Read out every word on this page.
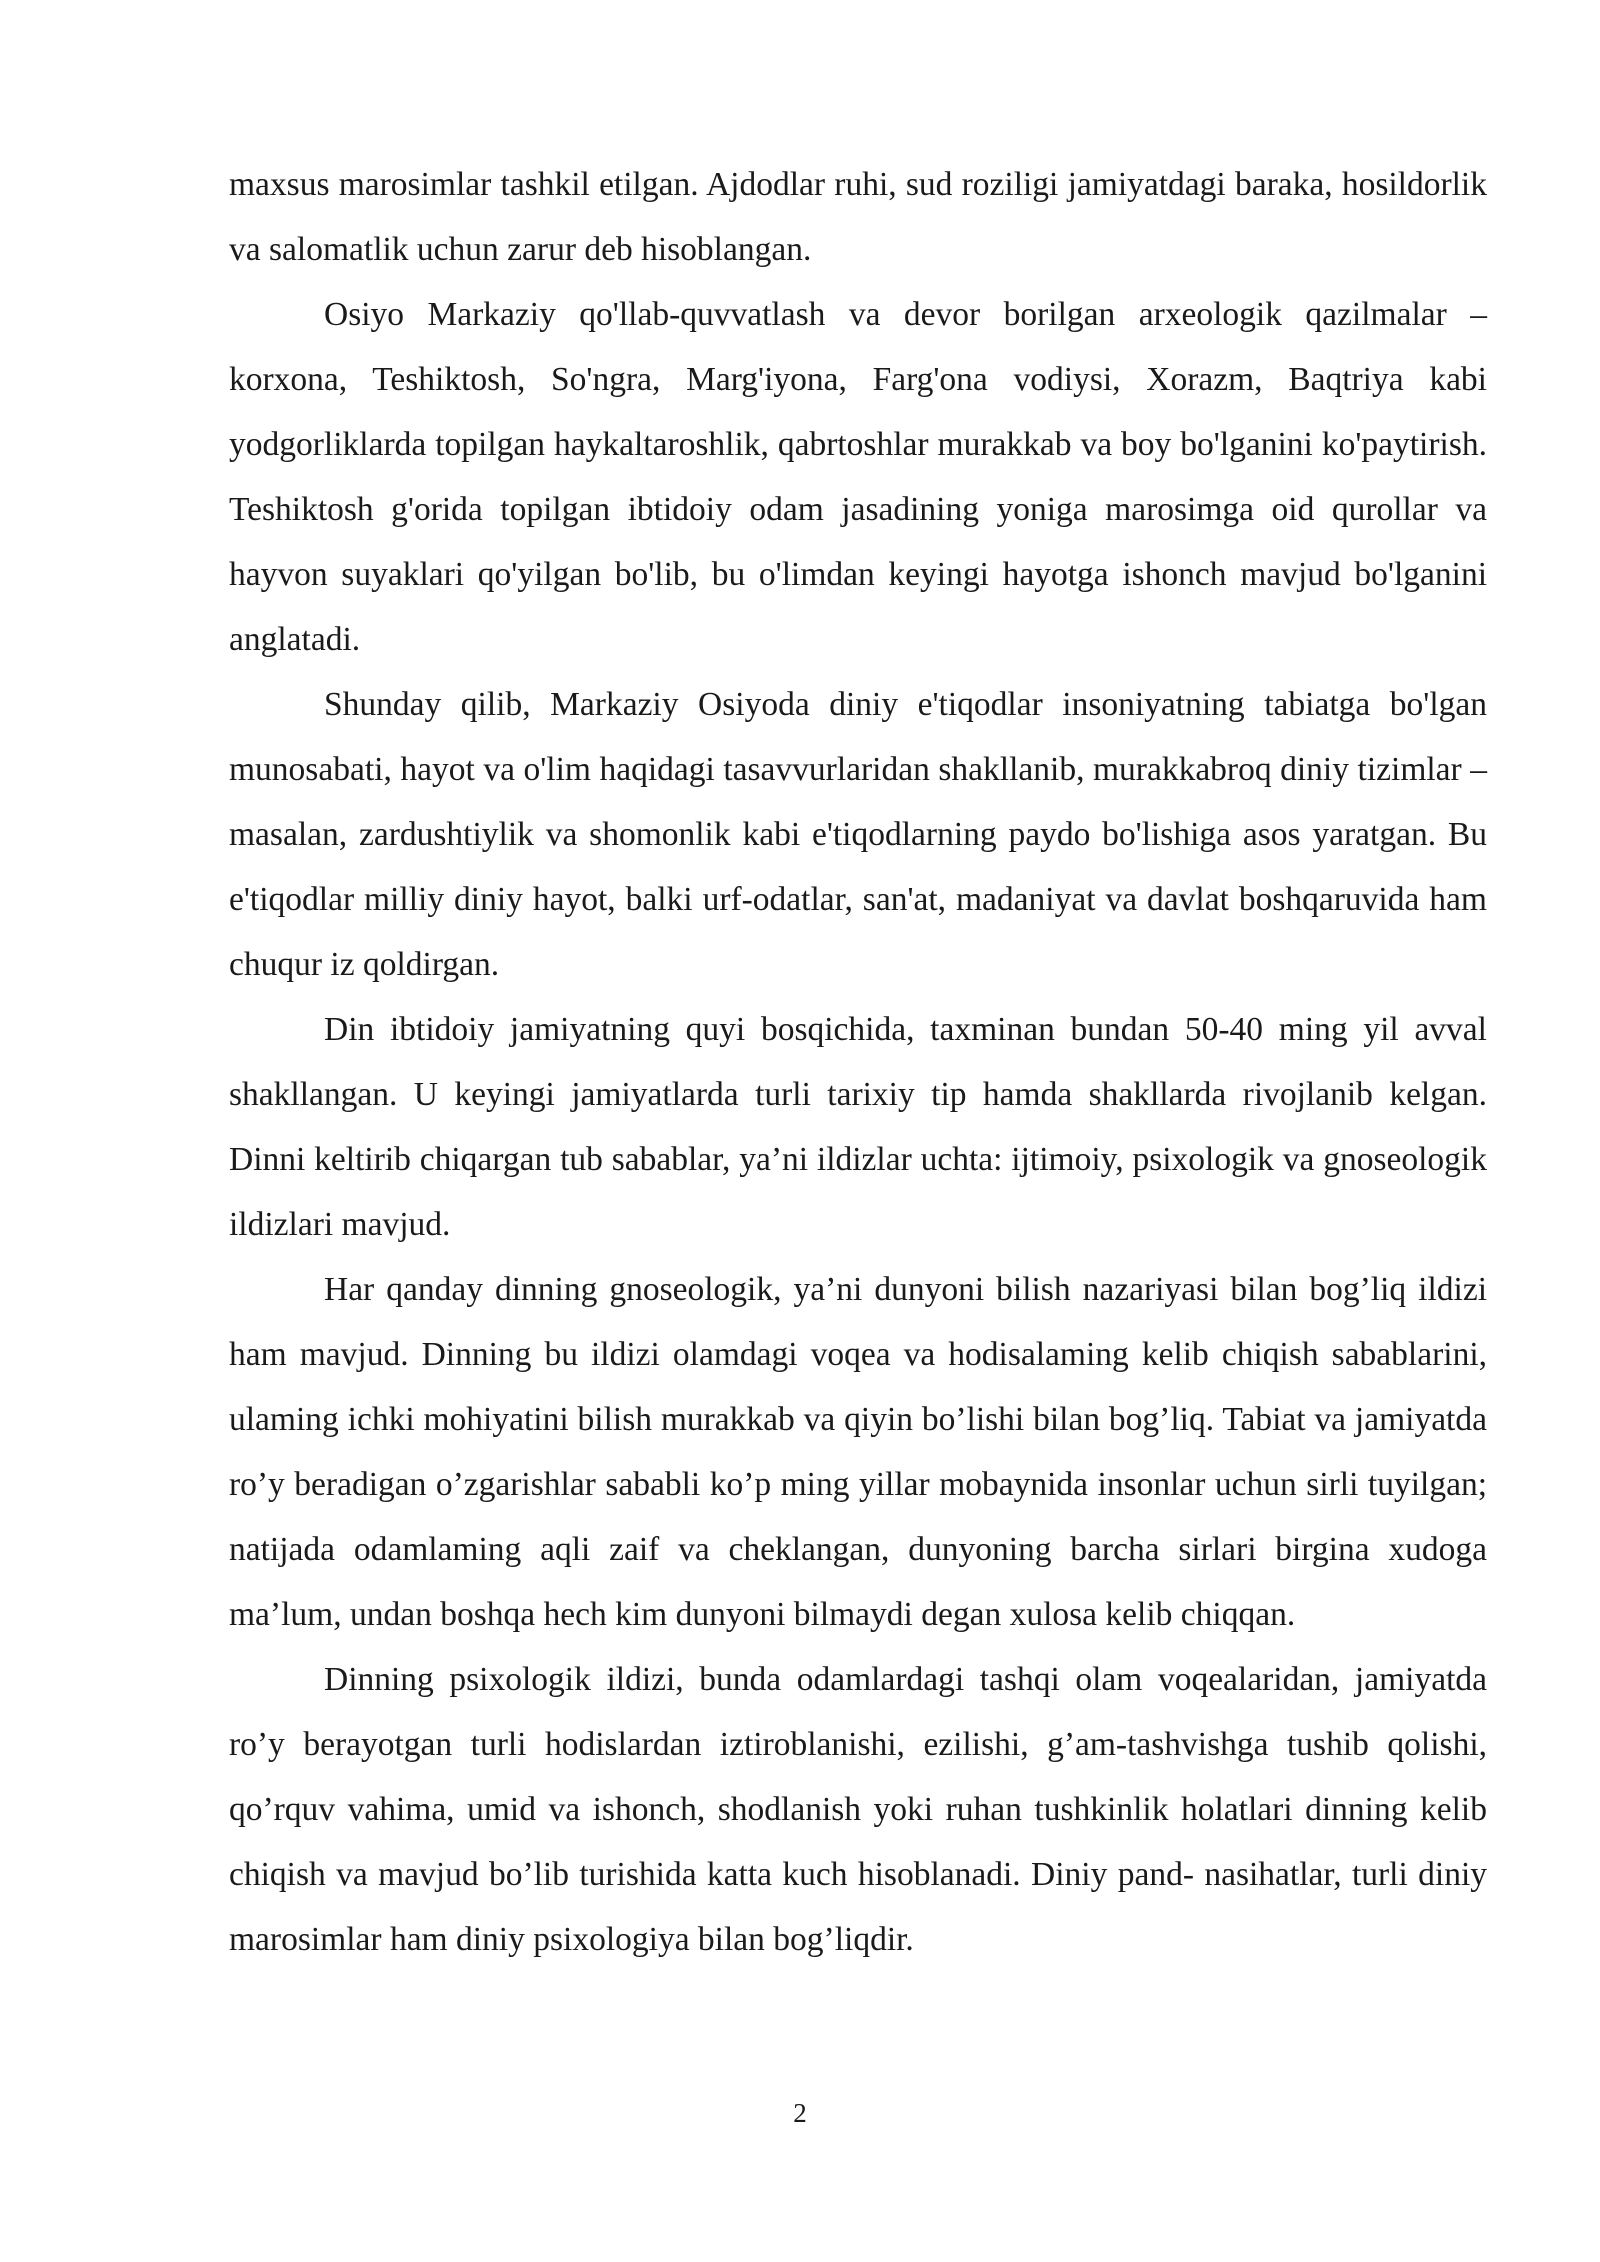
maxsus marosimlar tashkil etilgan. Ajdodlar ruhi, sud roziligi jamiyatdagi baraka, hosildorlik va salomatlik uchun zarur deb hisoblangan.

Osiyo Markaziy qo'llab-quvvatlash va devor borilgan arxeologik qazilmalar – korxona, Teshiktosh, So'ngra, Marg'iyona, Farg'ona vodiysi, Xorazm, Baqtriya kabi yodgorliklarda topilgan haykaltaroshlik, qabrtoshlar murakkab va boy bo'lganini ko'paytirish. Teshiktosh g'orida topilgan ibtidoiy odam jasadining yoniga marosimga oid qurollar va hayvon suyaklari qo'yilgan bo'lib, bu o'limdan keyingi hayotga ishonch mavjud bo'lganini anglatadi.

Shunday qilib, Markaziy Osiyoda diniy e'tiqodlar insoniyatning tabiatga bo'lgan munosabati, hayot va o'lim haqidagi tasavvurlaridan shakllanib, murakkabroq diniy tizimlar – masalan, zardushtiylik va shomonlik kabi e'tiqodlarning paydo bo'lishiga asos yaratgan. Bu e'tiqodlar milliy diniy hayot, balki urf-odatlar, san'at, madaniyat va davlat boshqaruvida ham chuqur iz qoldirgan.

Din ibtidoiy jamiyatning quyi bosqichida, taxminan bundan 50-40 ming yil avval shakllangan. U keyingi jamiyatlarda turli tarixiy tip hamda shakllarda rivojlanib kelgan. Dinni keltirib chiqargan tub sabablar, ya’ni ildizlar uchta: ijtimoiy, psixologik va gnoseologik ildizlari mavjud.

Har qanday dinning gnoseologik, ya’ni dunyoni bilish nazariyasi bilan bog’liq ildizi ham mavjud. Dinning bu ildizi olamdagi voqea va hodisalaming kelib chiqish sabablarini, ulaming ichki mohiyatini bilish murakkab va qiyin bo’lishi bilan bog’liq. Tabiat va jamiyatda ro’y beradigan o’zgarishlar sababli ko’p ming yillar mobaynida insonlar uchun sirli tuyilgan; natijada odamlaming aqli zaif va cheklangan, dunyoning barcha sirlari birgina xudoga ma’lum, undan boshqa hech kim dunyoni bilmaydi degan xulosa kelib chiqqan.

Dinning psixologik ildizi, bunda odamlardagi tashqi olam voqealaridan, jamiyatda ro’y berayotgan turli hodislardan iztiroblanishi, ezilishi, g’am-tashvishga tushib qolishi, qo’rquv vahima, umid va ishonch, shodlanish yoki ruhan tushkinlik holatlari dinning kelib chiqish va mavjud bo’lib turishida katta kuch hisoblanadi. Diniy pand- nasihatlar, turli diniy marosimlar ham diniy psixologiya bilan bog’liqdir.

2
